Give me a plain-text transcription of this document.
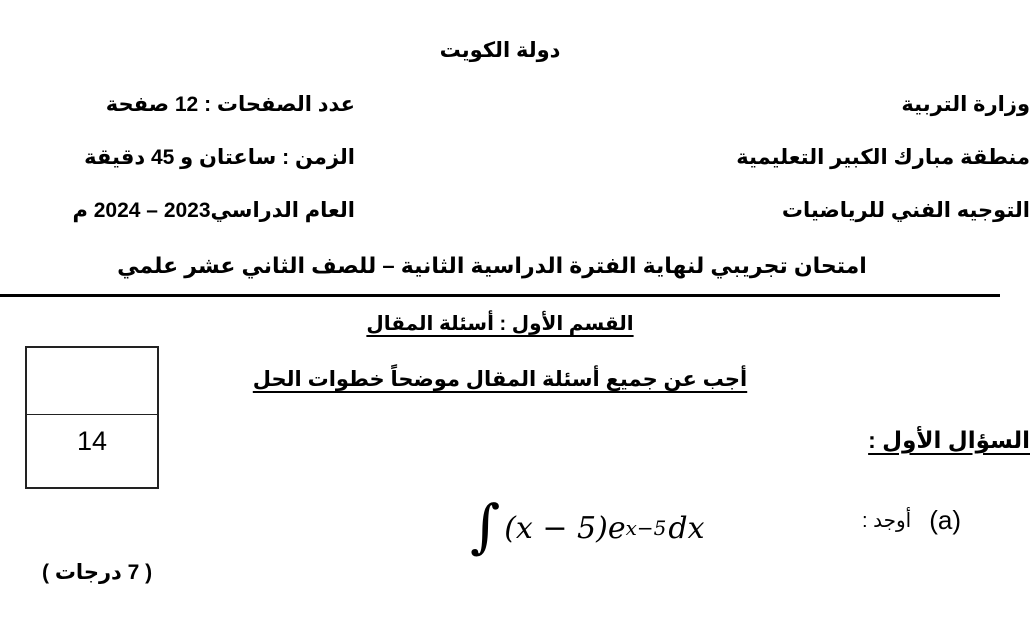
دولة الكويت
وزارة التربية
منطقة مبارك الكبير التعليمية
التوجيه الفني للرياضيات
عدد الصفحات : 12 صفحة
الزمن : ساعتان و 45 دقيقة
العام الدراسي2023 – 2024 م
امتحان تجريبي لنهاية الفترة الدراسية الثانية – للصف الثاني عشر علمي
القسم الأول : أسئلة المقال
أجب عن جميع أسئلة المقال موضحاً خطوات الحل
14	السؤال الأول :
أوجد : (a)
∫ (x − 5)e x−5 dx
( 7 درجات )
